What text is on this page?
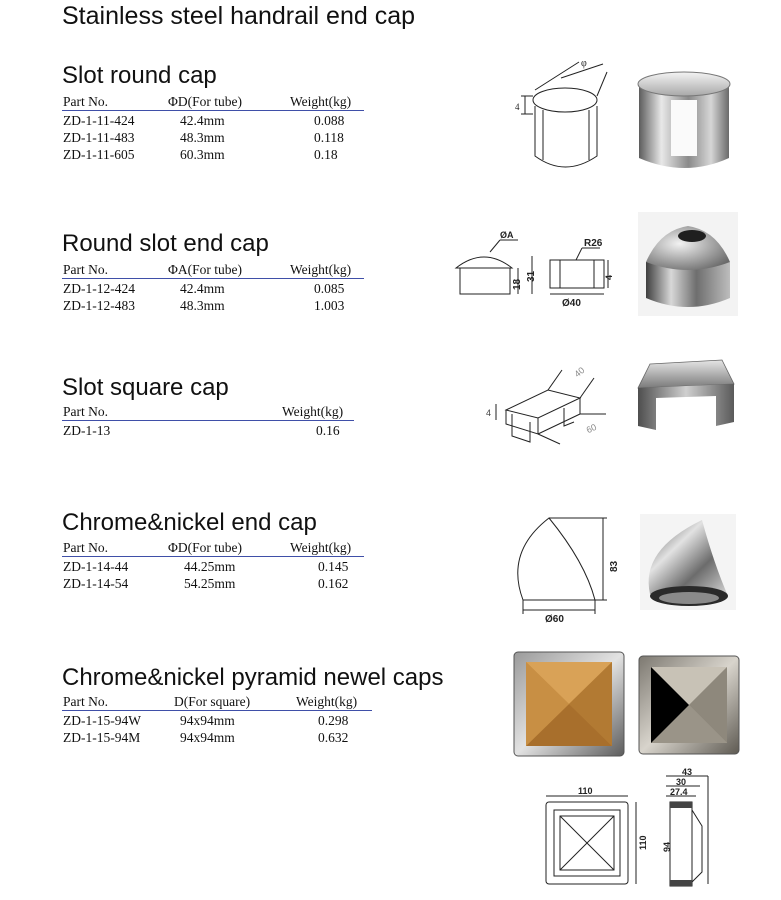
Stainless steel handrail end cap
Slot round cap
Part No.	ΦD(For tube)	Weight(kg)
ZD-1-11-424	42.4mm	0.088
ZD-1-11-483	48.3mm	0.118
ZD-1-11-605	60.3mm	0.18
φ
4
Round slot end cap
Part No.	ΦA(For tube)	Weight(kg)
ZD-1-12-424	42.4mm	0.085
ZD-1-12-483	48.3mm	1.003
ØA
18
31
R26
4
Ø40
Slot square cap
Part No.	Weight(kg)
ZD-1-13	0.16
40
60
4
Chrome&nickel end cap
Part No.	ΦD(For tube)	Weight(kg)
ZD-1-14-44	44.25mm	0.145
ZD-1-14-54	54.25mm	0.162
83
Ø60
Chrome&nickel pyramid newel caps
Part No.	D(For square)	Weight(kg)
ZD-1-15-94W	94x94mm	0.298
ZD-1-15-94M	94x94mm	0.632
110
110
43
30
27.4
94
